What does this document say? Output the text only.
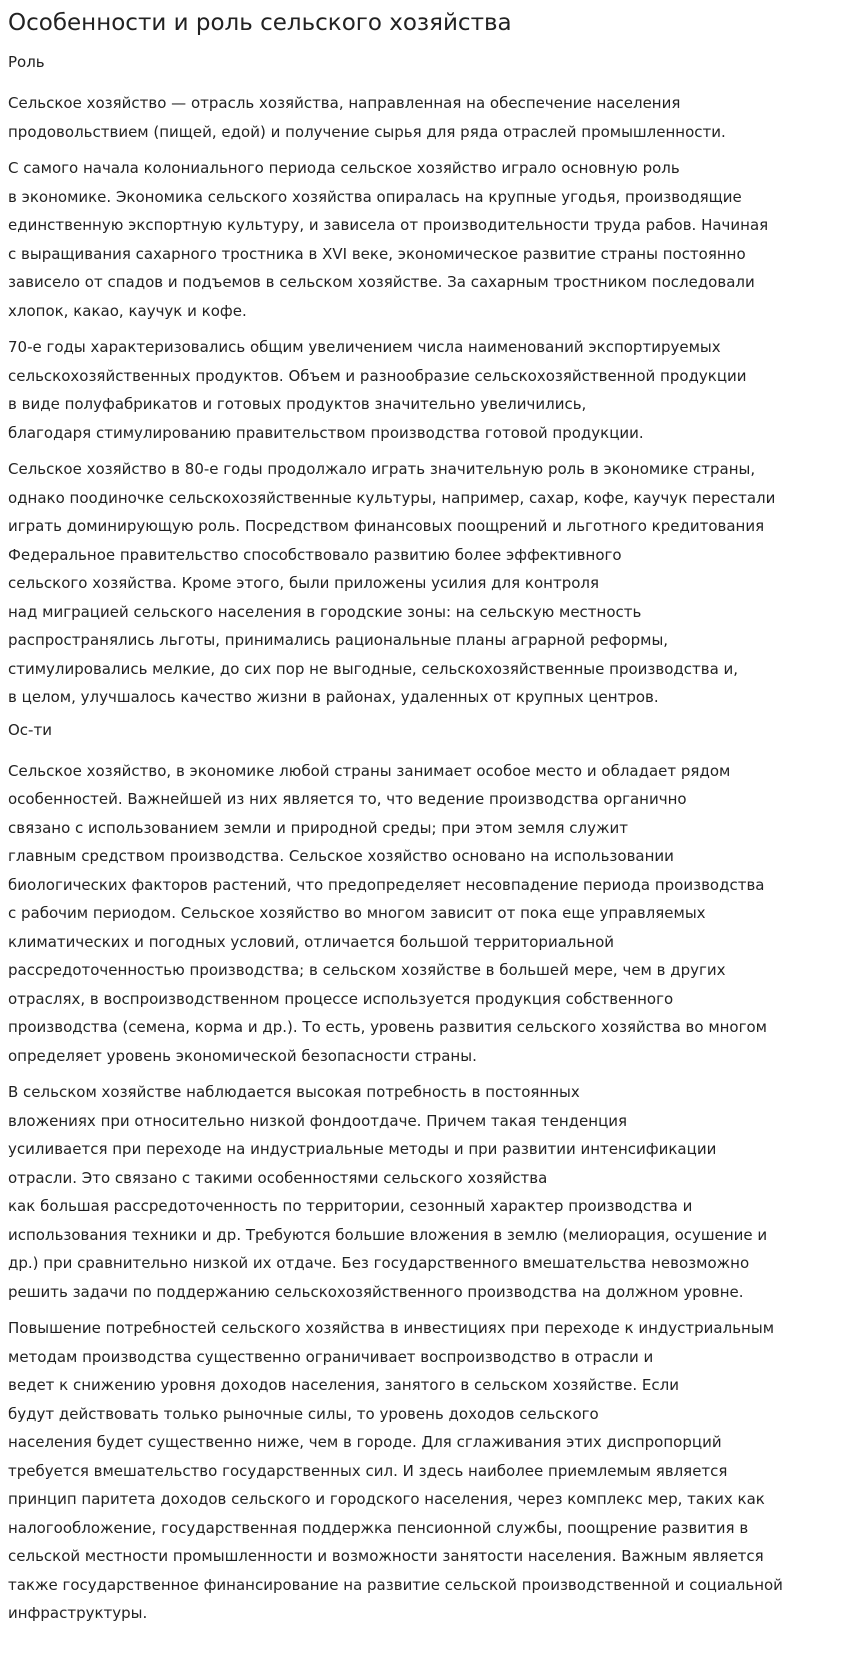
Особенности и роль сельского хозяйства
Роль

Сельское хозяйство — отрасль хозяйства, направленная на обеспечение населения
продовольствием (пищей, едой) и получение сырья для ряда отраслей промышленности.

С самого начала колониального периода сельское хозяйство играло основную роль
в экономике. Экономика сельского хозяйства опиралась на крупные угодья, производящие
единственную экспортную культуру, и зависела от производительности труда рабов. Начиная
с выращивания сахарного тростника в XVI веке, экономическое развитие страны постоянно
зависело от спадов и подъемов в сельском хозяйстве. За сахарным тростником последовали
хлопок, какао, каучук и кофе.

70-е годы характеризовались общим увеличением числа наименований экспортируемых
сельскохозяйственных продуктов. Объем и разнообразие сельскохозяйственной продукции
в виде полуфабрикатов и готовых продуктов значительно увеличились,
благодаря стимулированию правительством производства готовой продукции.

Сельское хозяйство в 80-е годы продолжало играть значительную роль в экономике страны,
однако поодиночке сельскохозяйственные культуры, например, сахар, кофе, каучук перестали
играть доминирующую роль. Посредством финансовых поощрений и льготного кредитования
Федеральное правительство способствовало развитию более эффективного
сельского хозяйства. Кроме этого, были приложены усилия для контроля
над миграцией сельского населения в городские зоны: на сельскую местность
распространялись льготы, принимались рациональные планы аграрной реформы,
стимулировались мелкие, до сих пор не выгодные, сельскохозяйственные производства и,
в целом, улучшалось качество жизни в районах, удаленных от крупных центров.

Ос-ти

Сельское хозяйство, в экономике любой страны занимает особое место и обладает рядом
особенностей. Важнейшей из них является то, что ведение производства органично
связано с использованием земли и природной среды; при этом земля служит
главным средством производства. Сельское хозяйство основано на использовании
биологических факторов растений, что предопределяет несовпадение периода производства
с рабочим периодом. Сельское хозяйство во многом зависит от пока еще управляемых
климатических и погодных условий, отличается большой территориальной
рассредоточенностью производства; в сельском хозяйстве в большей мере, чем в других
отраслях, в воспроизводственном процессе используется продукция собственного
производства (семена, корма и др.). То есть, уровень развития сельского хозяйства во многом
определяет уровень экономической безопасности страны.

В сельском хозяйстве наблюдается высокая потребность в постоянных
вложениях при относительно низкой фондоотдаче. Причем такая тенденция
усиливается при переходе на индустриальные методы и при развитии интенсификации
отрасли. Это связано с такими особенностями сельского хозяйства
как большая рассредоточенность по территории, сезонный характер производства и
использования техники и др. Требуются большие вложения в землю (мелиорация, осушение и
др.) при сравнительно низкой их отдаче. Без государственного вмешательства невозможно
решить задачи по поддержанию сельскохозяйственного производства на должном уровне.

Повышение потребностей сельского хозяйства в инвестициях при переходе к индустриальным
методам производства существенно ограничивает воспроизводство в отрасли и
ведет к снижению уровня доходов населения, занятого в сельском хозяйстве. Если
будут действовать только рыночные силы, то уровень доходов сельского
населения будет существенно ниже, чем в городе. Для сглаживания этих диспропорций
требуется вмешательство государственных сил. И здесь наиболее приемлемым является
принцип паритета доходов сельского и городского населения, через комплекс мер, таких как
налогообложение, государственная поддержка пенсионной службы, поощрение развития в
сельской местности промышленности и возможности занятости населения. Важным является
также государственное финансирование на развитие сельской производственной и социальной
инфраструктуры.
